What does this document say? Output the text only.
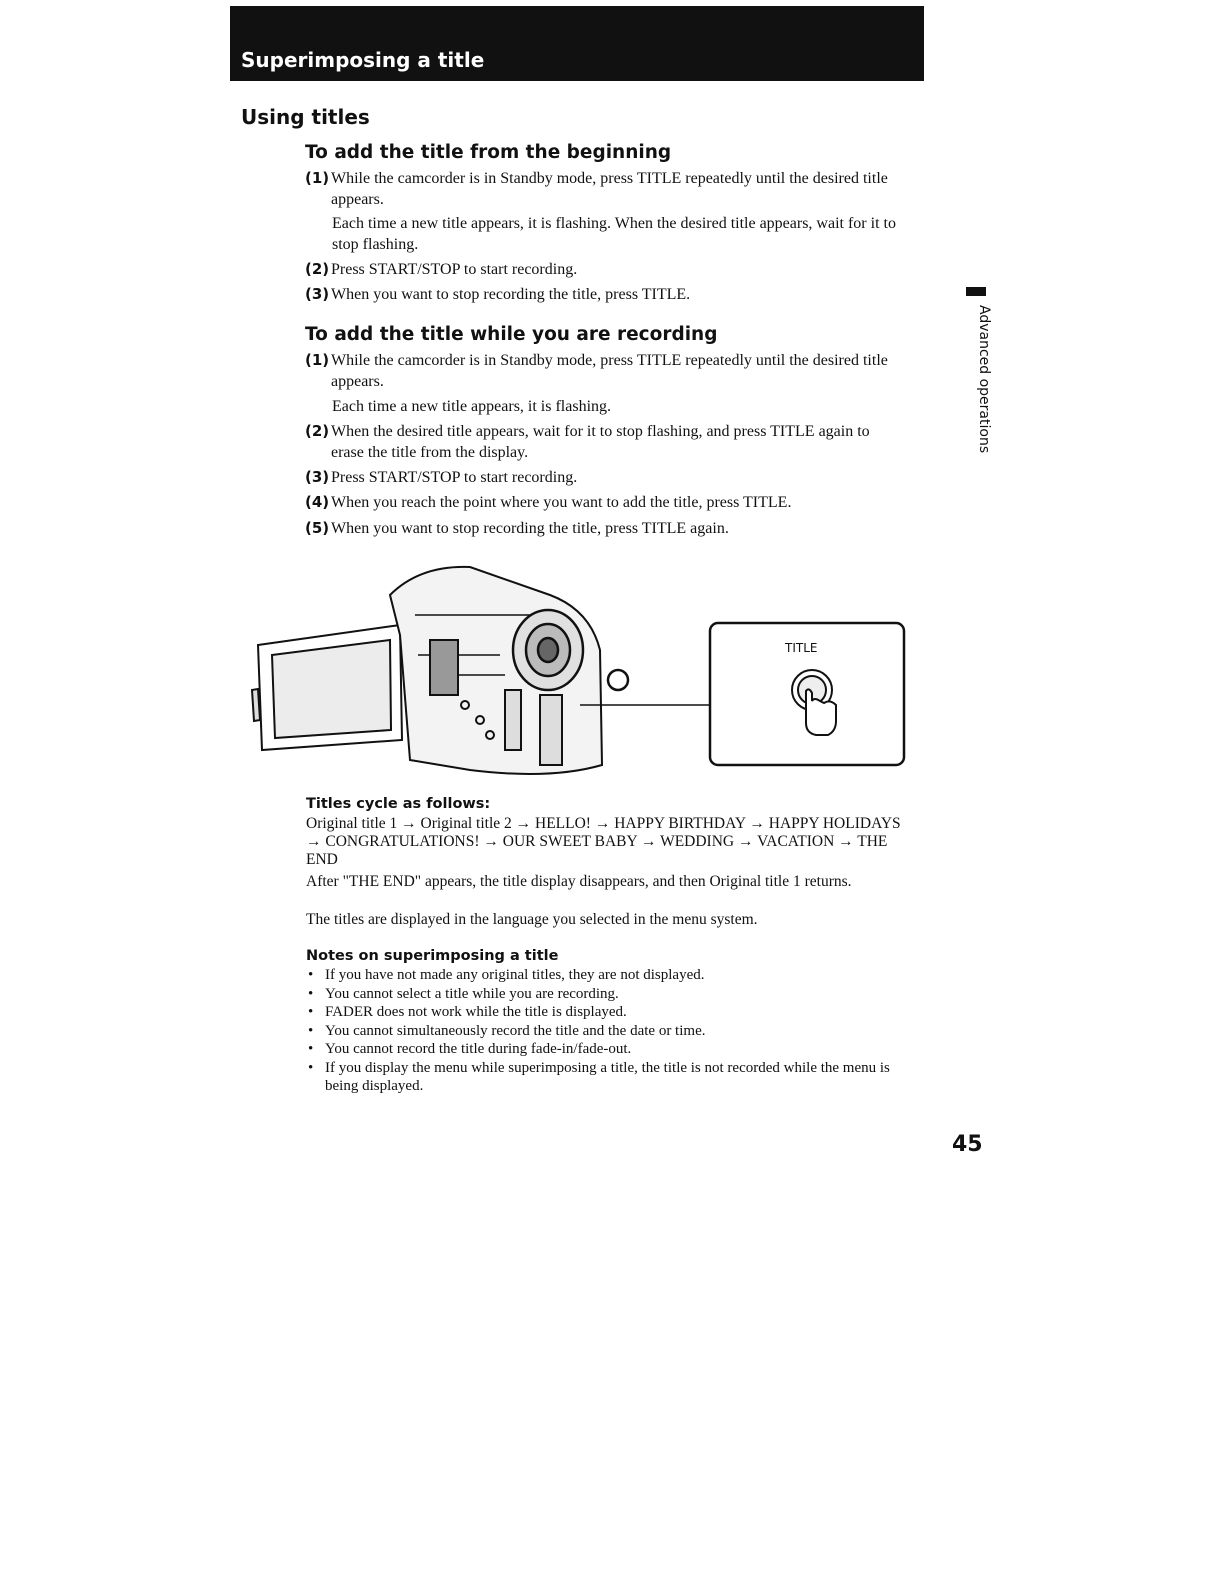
Superimposing a title
Using titles
Advanced operations
To add the title from the beginning
(1) While the camcorder is in Standby mode, press TITLE repeatedly until the desired title appears.
Each time a new title appears, it is flashing. When the desired title appears, wait for it to stop flashing.
(2) Press START/STOP to start recording.
(3) When you want to stop recording the title, press TITLE.
To add the title while you are recording
(1) While the camcorder is in Standby mode, press TITLE repeatedly until the desired title appears.
Each time a new title appears, it is flashing.
(2) When the desired title appears, wait for it to stop flashing, and press TITLE again to erase the title from the display.
(3) Press START/STOP to start recording.
(4) When you reach the point where you want to add the title, press TITLE.
(5) When you want to stop recording the title, press TITLE again.
TITLE
Titles cycle as follows:
Original title 1 → Original title 2 → HELLO! → HAPPY BIRTHDAY → HAPPY HOLIDAYS → CONGRATULATIONS! → OUR SWEET BABY → WEDDING → VACATION → THE END
After "THE END" appears, the title display disappears, and then Original title 1 returns.
The titles are displayed in the language you selected in the menu system.
Notes on superimposing a title
• If you have not made any original titles, they are not displayed.
• You cannot select a title while you are recording.
• FADER does not work while the title is displayed.
• You cannot simultaneously record the title and the date or time.
• You cannot record the title during fade-in/fade-out.
• If you display the menu while superimposing a title, the title is not recorded while the menu is being displayed.
45
